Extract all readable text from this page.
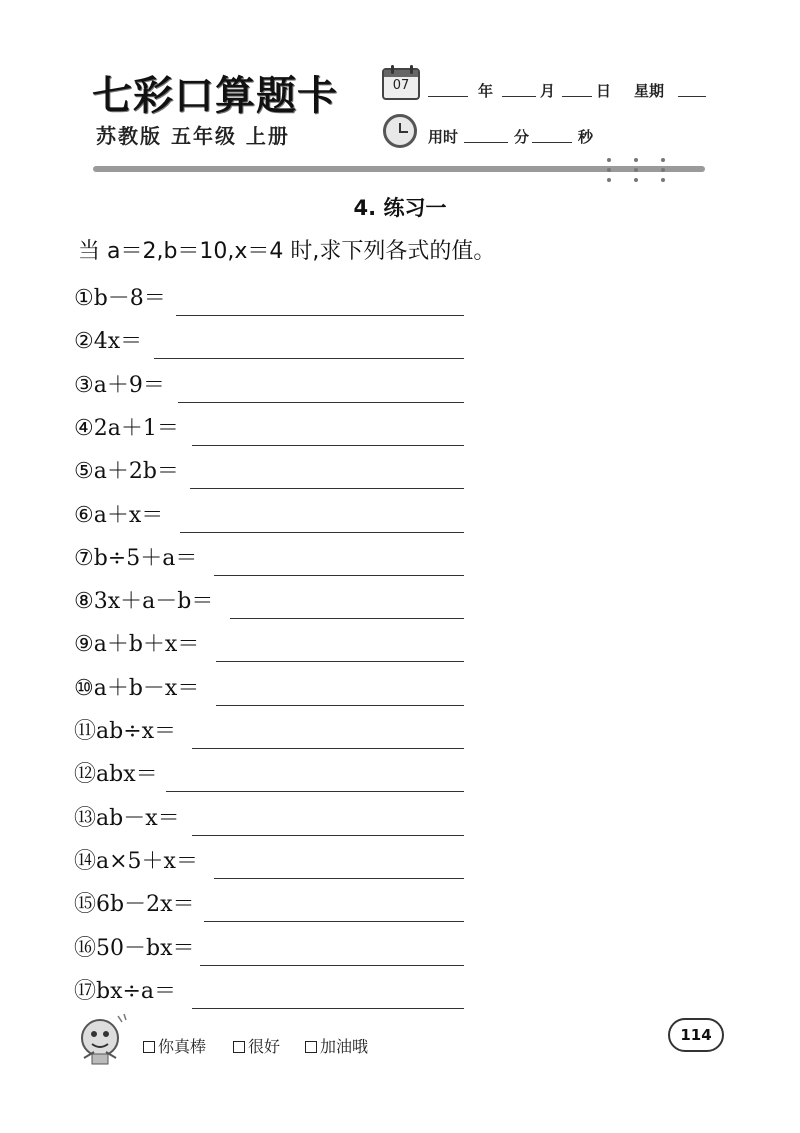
七彩口算题卡
苏教版 五年级 上册
07	年	月	日 星期
用时	分	秒
4. 练习一
当 a＝2,b＝10,x＝4 时,求下列各式的值。
①b－8＝
②4x＝
③a＋9＝
④2a＋1＝
⑤a＋2b＝
⑥a＋x＝
⑦b÷5＋a＝
⑧3x＋a－b＝
⑨a＋b＋x＝
⑩a＋b－x＝
⑪ab÷x＝
⑫abx＝
⑬ab－x＝
⑭a×5＋x＝
⑮6b－2x＝
⑯50－bx＝
⑰bx÷a＝
你真棒	很好	加油哦
114
